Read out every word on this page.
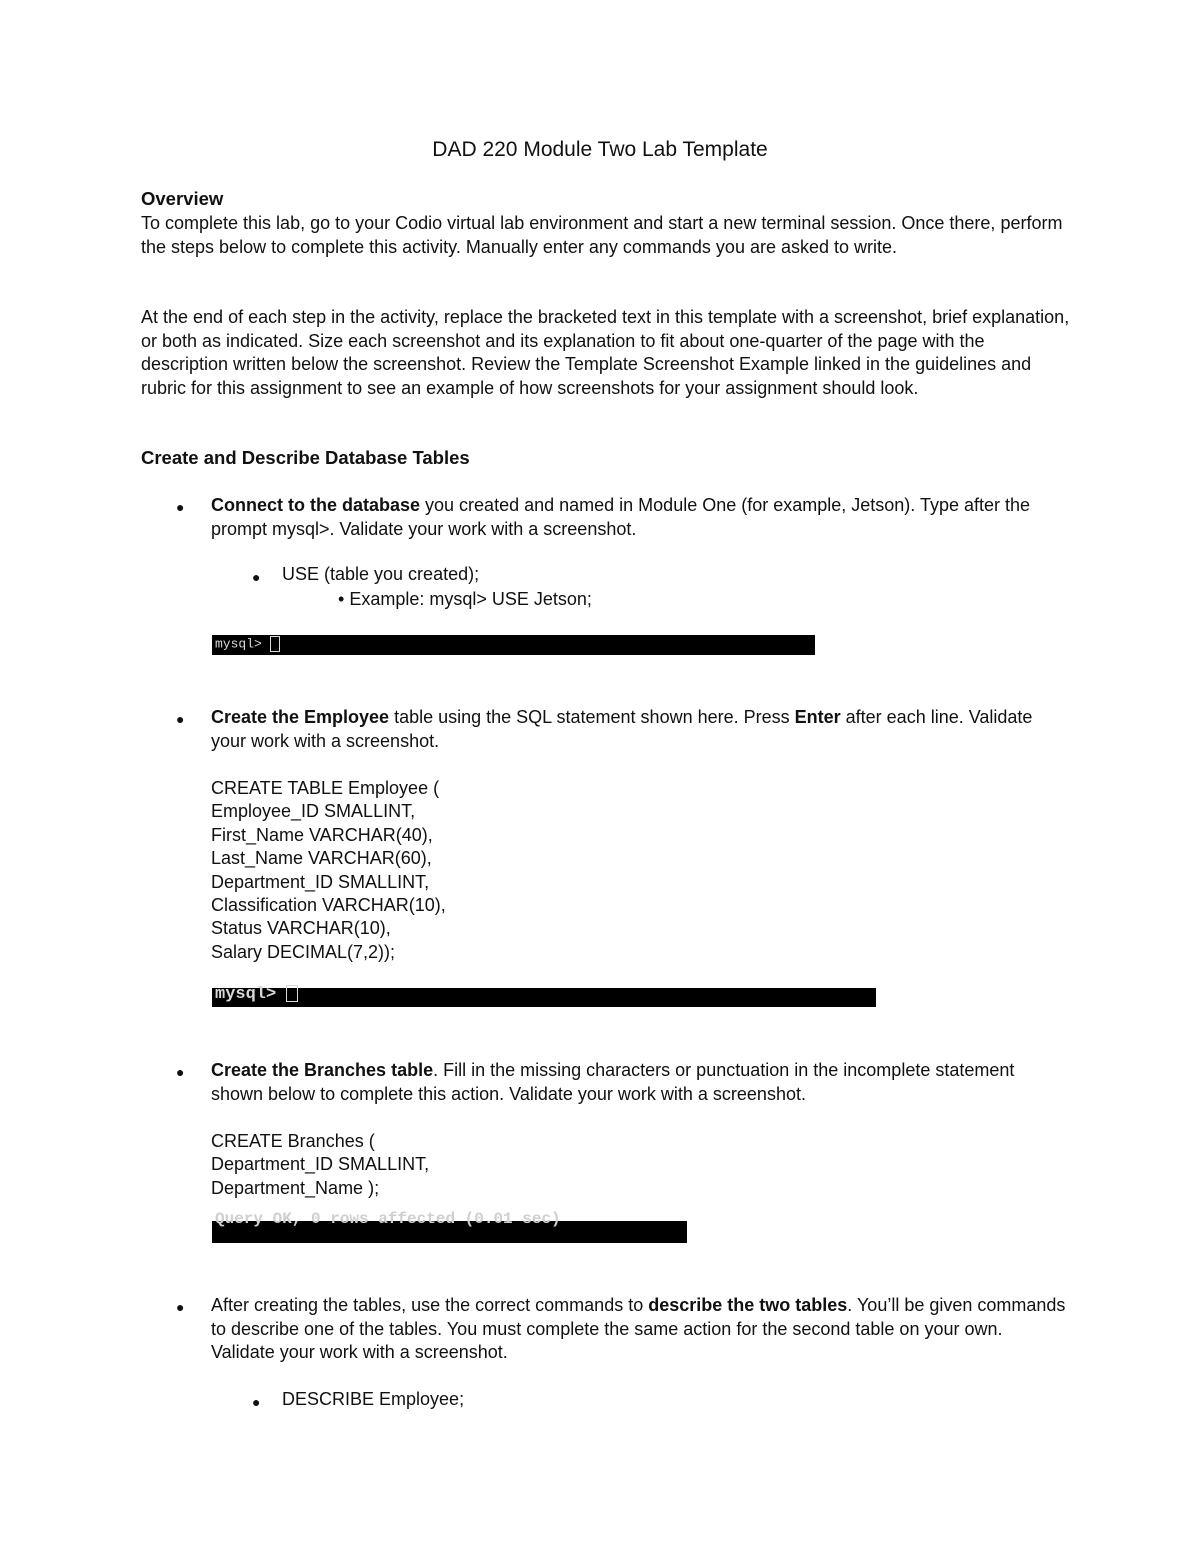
DAD 220 Module Two Lab Template
Overview
To complete this lab, go to your Codio virtual lab environment and start a new terminal session. Once there, perform the steps below to complete this activity. Manually enter any commands you are asked to write.
At the end of each step in the activity, replace the bracketed text in this template with a screenshot, brief explanation, or both as indicated. Size each screenshot and its explanation to fit about one-quarter of the page with the description written below the screenshot. Review the Template Screenshot Example linked in the guidelines and rubric for this assignment to see an example of how screenshots for your assignment should look.
Create and Describe Database Tables
● Connect to the database you created and named in Module One (for example, Jetson). Type after the prompt mysql>. Validate your work with a screenshot.
● USE (table you created);
• Example: mysql> USE Jetson;
mysql>
● Create the Employee table using the SQL statement shown here. Press Enter after each line. Validate your work with a screenshot.
CREATE TABLE Employee (
Employee_ID SMALLINT,
First_Name VARCHAR(40),
Last_Name VARCHAR(60),
Department_ID SMALLINT,
Classification VARCHAR(10),
Status VARCHAR(10),
Salary DECIMAL(7,2));
mysql>
● Create the Branches table. Fill in the missing characters or punctuation in the incomplete statement shown below to complete this action. Validate your work with a screenshot.
CREATE Branches (
Department_ID SMALLINT,
Department_Name );
Query OK, 0 rows affected (0.01 sec)
● After creating the tables, use the correct commands to describe the two tables. You’ll be given commands to describe one of the tables. You must complete the same action for the second table on your own. Validate your work with a screenshot.
● DESCRIBE Employee;
